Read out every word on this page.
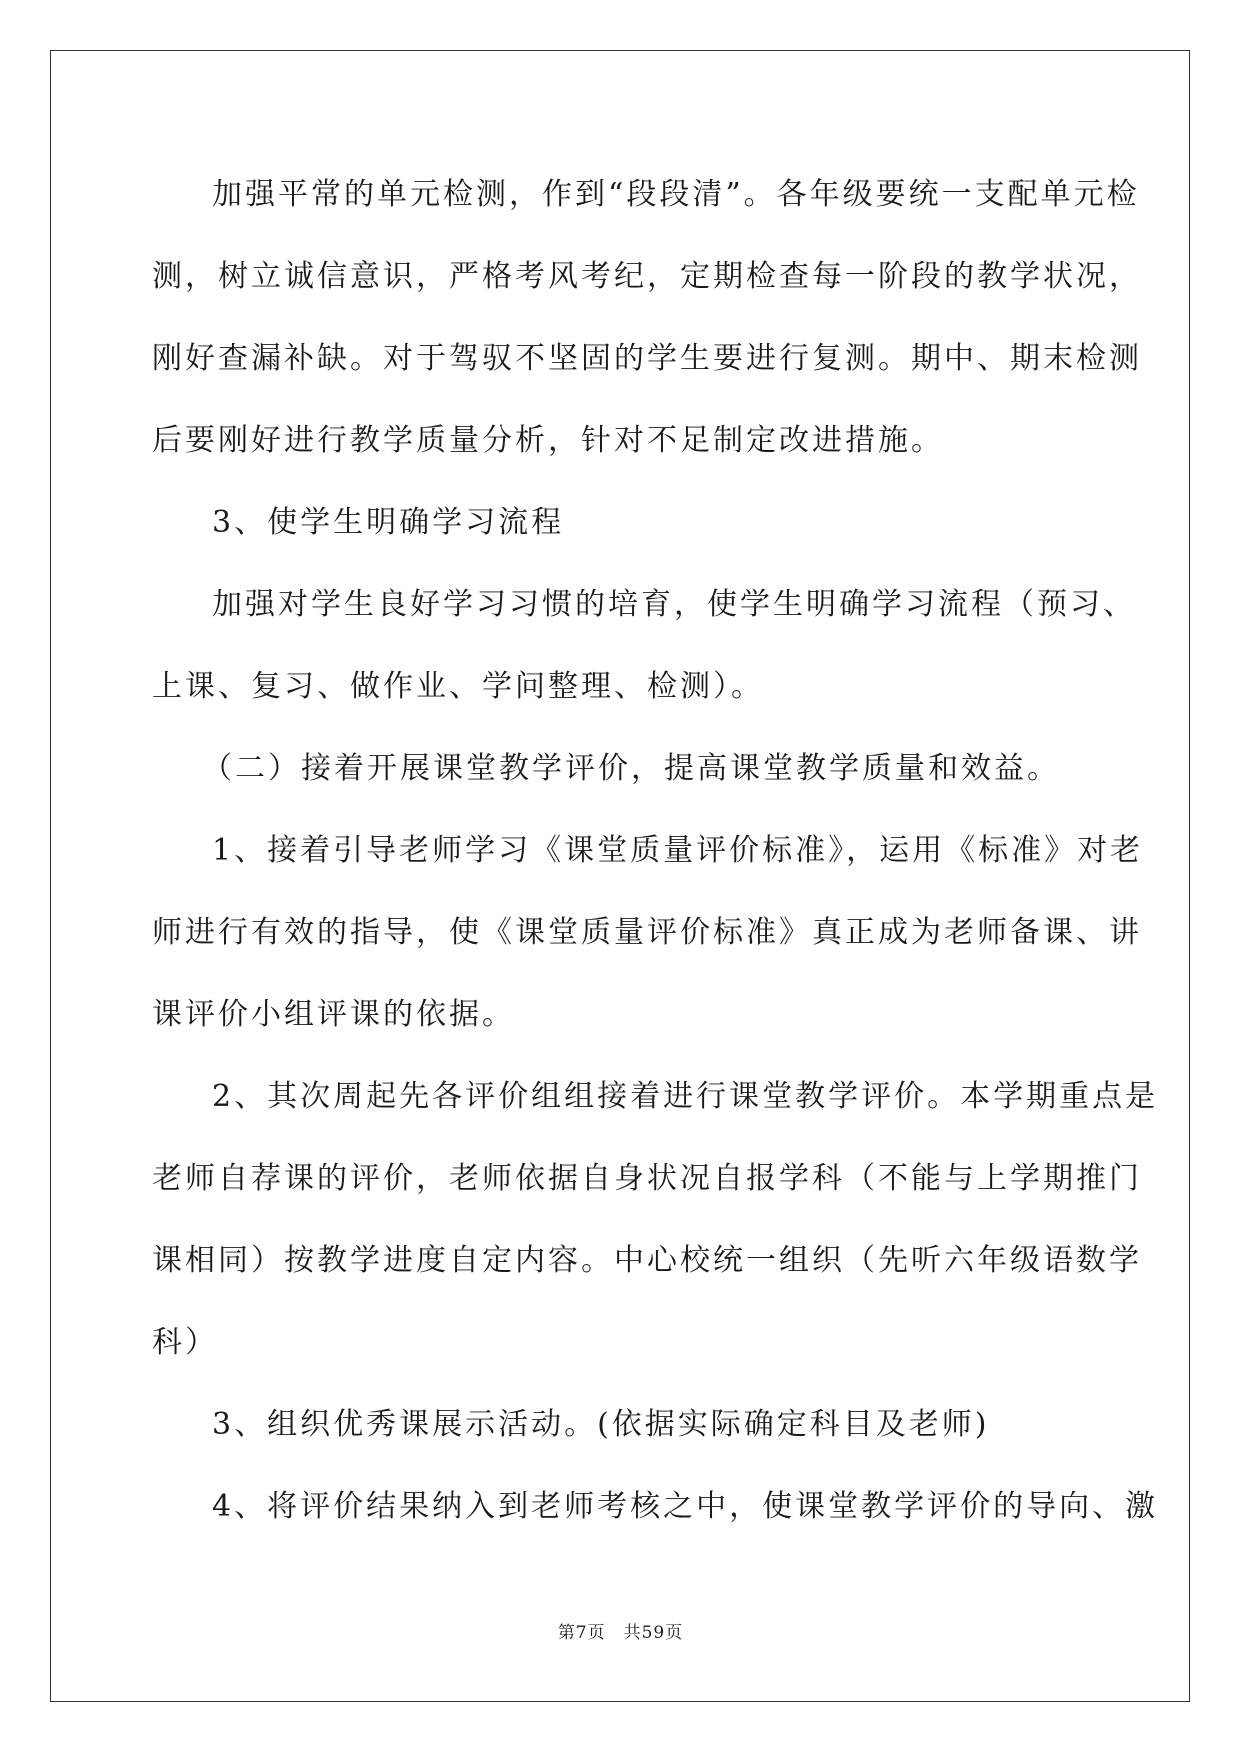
加强平常的单元检测，作到“段段清”。各年级要统一支配单元检
测，树立诚信意识，严格考风考纪，定期检查每一阶段的教学状况，
刚好查漏补缺。对于驾驭不坚固的学生要进行复测。期中、期末检测
后要刚好进行教学质量分析，针对不足制定改进措施。
3、使学生明确学习流程
加强对学生良好学习习惯的培育，使学生明确学习流程（预习、
上课、复习、做作业、学问整理、检测）。
（二）接着开展课堂教学评价，提高课堂教学质量和效益。
1、接着引导老师学习《课堂质量评价标准》，运用《标准》对老
师进行有效的指导，使《课堂质量评价标准》真正成为老师备课、讲
课评价小组评课的依据。
2、其次周起先各评价组组接着进行课堂教学评价。本学期重点是
老师自荐课的评价，老师依据自身状况自报学科（不能与上学期推门
课相同）按教学进度自定内容。中心校统一组织（先听六年级语数学
科）
3、组织优秀课展示活动。(依据实际确定科目及老师)
4、将评价结果纳入到老师考核之中，使课堂教学评价的导向、激
第7页 共59页
